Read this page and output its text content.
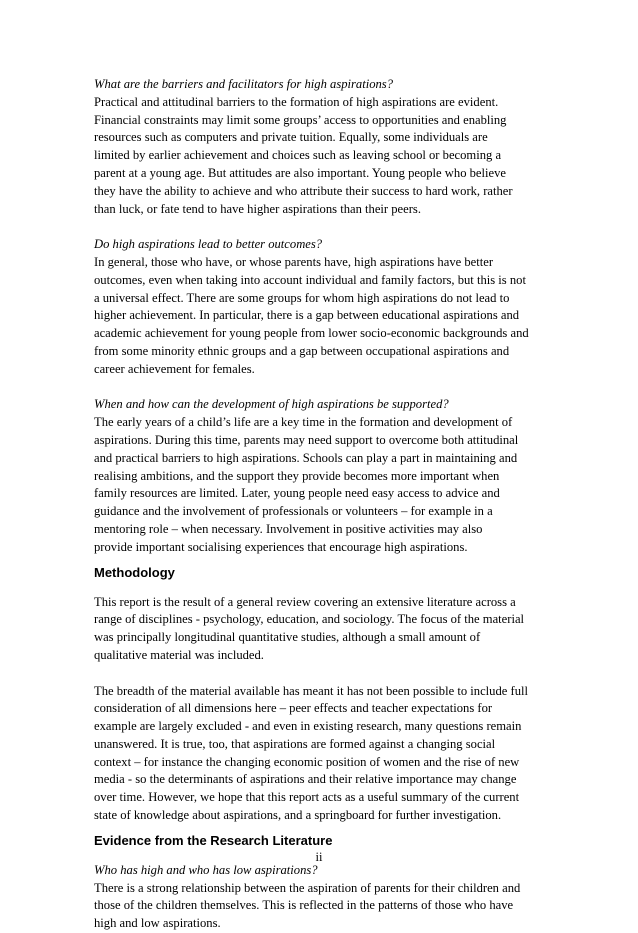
What are the barriers and facilitators for high aspirations?

Practical and attitudinal barriers to the formation of high aspirations are evident.

Financial constraints may limit some groups’ access to opportunities and enabling

resources such as computers and private tuition. Equally, some individuals are

limited by earlier achievement and choices such as leaving school or becoming a

parent at a young age. But attitudes are also important. Young people who believe

they have the ability to achieve and who attribute their success to hard work, rather

than luck, or fate tend to have higher aspirations than their peers.

Do high aspirations lead to better outcomes?

In general, those who have, or whose parents have, high aspirations have better

outcomes, even when taking into account individual and family factors, but this is not

a universal effect. There are some groups for whom high aspirations do not lead to

higher achievement. In particular, there is a gap between educational aspirations and

academic achievement for young people from lower socio-economic backgrounds and

from some minority ethnic groups and a gap between occupational aspirations and

career achievement for females.

When and how can the development of high aspirations be supported?

The early years of a child’s life are a key time in the formation and development of

aspirations. During this time, parents may need support to overcome both attitudinal

and practical barriers to high aspirations. Schools can play a part in maintaining and

realising ambitions, and the support they provide becomes more important when

family resources are limited. Later, young people need easy access to advice and

guidance and the involvement of professionals or volunteers – for example in a

mentoring role – when necessary. Involvement in positive activities may also

provide important socialising experiences that encourage high aspirations.

Methodology

This report is the result of a general review covering an extensive literature across a

range of disciplines - psychology, education, and sociology. The focus of the material

was principally longitudinal quantitative studies, although a small amount of

qualitative material was included.

The breadth of the material available has meant it has not been possible to include full

consideration of all dimensions here – peer effects and teacher expectations for

example are largely excluded - and even in existing research, many questions remain

unanswered. It is true, too, that aspirations are formed against a changing social

context – for instance the changing economic position of women and the rise of new

media - so the determinants of aspirations and their relative importance may change

over time. However, we hope that this report acts as a useful summary of the current

state of knowledge about aspirations, and a springboard for further investigation.

Evidence from the Research Literature

Who has high and who has low aspirations?

There is a strong relationship between the aspiration of parents for their children and

those of the children themselves. This is reflected in the patterns of those who have

high and low aspirations.

ii
